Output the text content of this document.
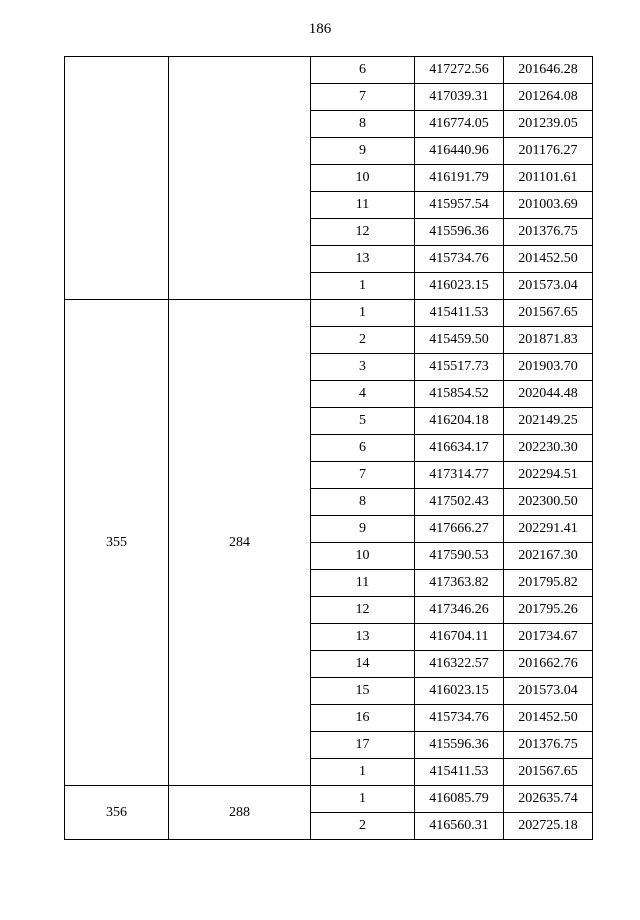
186
		6	417272.56	201646.28
		7	417039.31	201264.08
		8	416774.05	201239.05
		9	416440.96	201176.27
		10	416191.79	201101.61
		11	415957.54	201003.69
		12	415596.36	201376.75
		13	415734.76	201452.50
		1	416023.15	201573.04
355	284	1	415411.53	201567.65
		2	415459.50	201871.83
		3	415517.73	201903.70
		4	415854.52	202044.48
		5	416204.18	202149.25
		6	416634.17	202230.30
		7	417314.77	202294.51
		8	417502.43	202300.50
		9	417666.27	202291.41
		10	417590.53	202167.30
		11	417363.82	201795.82
		12	417346.26	201795.26
		13	416704.11	201734.67
		14	416322.57	201662.76
		15	416023.15	201573.04
		16	415734.76	201452.50
		17	415596.36	201376.75
		1	415411.53	201567.65
356	288	1	416085.79	202635.74
		2	416560.31	202725.18
